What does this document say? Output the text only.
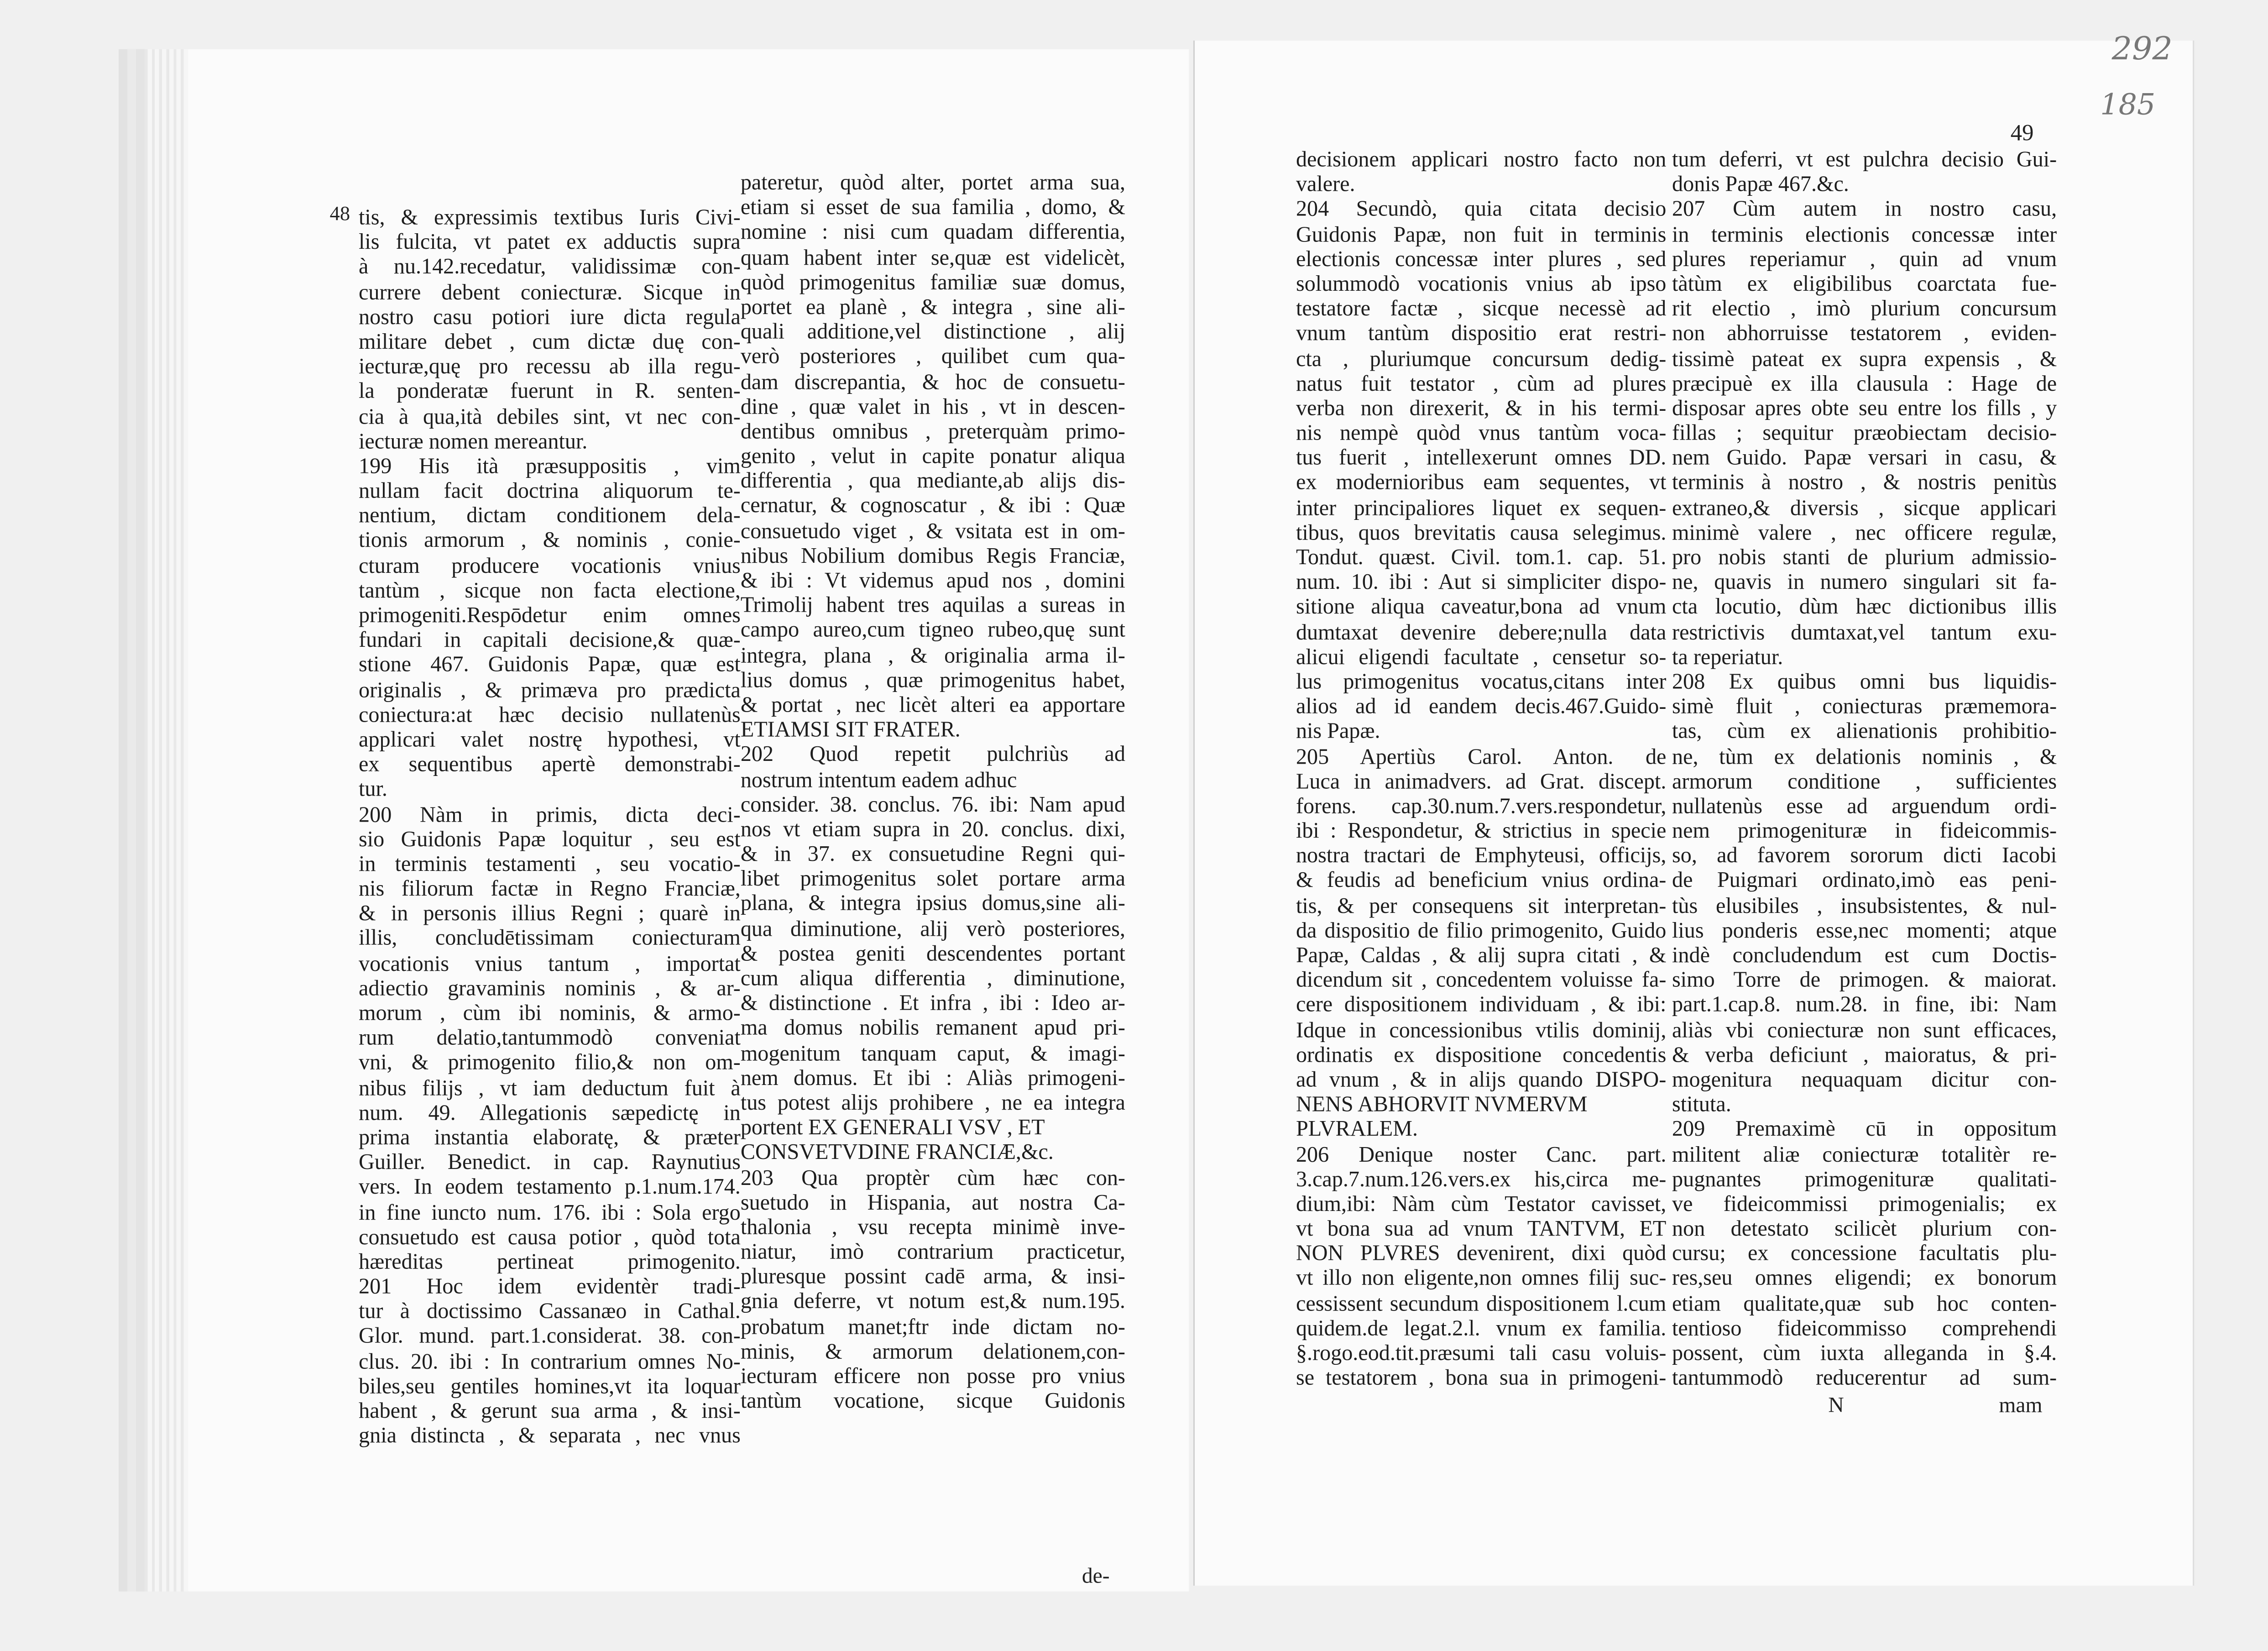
48 tis, & expressimis textibus Iuris Civi-
lis fulcita, vt patet ex adductis supra
à nu.142.recedatur, validissimæ con-
currere debent coniecturæ. Sicque in
nostro casu potiori iure dicta regula
militare debet , cum dictæ duę con-
iecturæ,quę pro recessu ab illa regu-
la ponderatæ fuerunt in R. senten-
cia à qua,ità debiles sint, vt nec con-
iecturæ nomen mereantur.
199 His ità præsuppositis , vim
nullam facit doctrina aliquorum te-
nentium, dictam conditionem dela-
tionis armorum , & nominis , conie-
cturam producere vocationis vnius
tantùm , sicque non facta electione,
primogeniti.Respōdetur enim omnes
fundari in capitali decisione,& quæ-
stione 467. Guidonis Papæ, quæ est
originalis , & primæva pro prædicta
coniectura:at hæc decisio nullatenùs
applicari valet nostrę hypothesi, vt
ex sequentibus apertè demonstrabi-
tur.
200 Nàm in primis, dicta deci-
sio Guidonis Papæ loquitur , seu est
in terminis testamenti , seu vocatio-
nis filiorum factæ in Regno Franciæ,
& in personis illius Regni ; quarè in
illis, concludētissimam coniecturam
vocationis vnius tantum , importat
adiectio gravaminis nominis , & ar-
morum , cùm ibi nominis, & armo-
rum delatio,tantummodò conveniat
vni, & primogenito filio,& non om-
nibus filijs , vt iam deductum fuit à
num. 49. Allegationis sæpedictę in
prima instantia elaboratę, & præter
Guiller. Benedict. in cap. Raynutius
vers. In eodem testamento p.1.num.174.
in fine iuncto num. 176. ibi : Sola ergo
consuetudo est causa potior , quòd tota
hæreditas pertineat primogenito.
201 Hoc idem evidentèr tradi-
tur à doctissimo Cassanæo in Cathal.
Glor. mund. part.1.considerat. 38. con-
clus. 20. ibi : In contrarium omnes No-
biles,seu gentiles homines,vt ita loquar
habent , & gerunt sua arma , & insi-
gnia distincta , & separata , nec vnus
pateretur, quòd alter, portet arma sua,
etiam si esset de sua familia , domo, &
nomine : nisi cum quadam differentia,
quam habent inter se,quæ est videlicèt,
quòd primogenitus familiæ suæ domus,
portet ea planè , & integra , sine ali-
quali additione,vel distinctione , alij
verò posteriores , quilibet cum qua-
dam discrepantia, & hoc de consuetu-
dine , quæ valet in his , vt in descen-
dentibus omnibus , preterquàm primo-
genito , velut in capite ponatur aliqua
differentia , qua mediante,ab alijs dis-
cernatur, & cognoscatur , & ibi : Quæ
consuetudo viget , & vsitata est in om-
nibus Nobilium domibus Regis Franciæ,
& ibi : Vt videmus apud nos , domini
Trimolij habent tres aquilas a sureas in
campo aureo,cum tigneo rubeo,quę sunt
integra, plana , & originalia arma il-
lius domus , quæ primogenitus habet,
& portat , nec licèt alteri ea apportare
ETIAMSI SIT FRATER.
202 Quod repetit pulchriùs ad
nostrum intentum eadem adhuc
consider. 38. conclus. 76. ibi: Nam apud
nos vt etiam supra in 20. conclus. dixi,
& in 37. ex consuetudine Regni qui-
libet primogenitus solet portare arma
plana, & integra ipsius domus,sine ali-
qua diminutione, alij verò posteriores,
& postea geniti descendentes portant
cum aliqua differentia , diminutione,
& distinctione . Et infra , ibi : Ideo ar-
ma domus nobilis remanent apud pri-
mogenitum tanquam caput, & imagi-
nem domus. Et ibi : Aliàs primogeni-
tus potest alijs prohibere , ne ea integra
portent EX GENERALI VSV , ET
CONSVETVDINE FRANCIÆ,&c.
203 Qua proptèr cùm hæc con-
suetudo in Hispania, aut nostra Ca-
thalonia , vsu recepta minimè inve-
niatur, imò contrarium practicetur,
pluresque possint cadē arma, & insi-
gnia deferre, vt notum est,& num.195.
probatum manet;ftr inde dictam no-
minis, & armorum delationem,con-
iecturam efficere non posse pro vnius
tantùm vocatione, sicque Guidonis
de-
49
decisionem applicari nostro facto non
valere.
204 Secundò, quia citata decisio
Guidonis Papæ, non fuit in terminis
electionis concessæ inter plures , sed
solummodò vocationis vnius ab ipso
testatore factæ , sicque necessè ad
vnum tantùm dispositio erat restri-
cta , pluriumque concursum dedig-
natus fuit testator , cùm ad plures
verba non direxerit, & in his termi-
nis nempè quòd vnus tantùm voca-
tus fuerit , intellexerunt omnes DD.
ex modernioribus eam sequentes, vt
inter principaliores liquet ex sequen-
tibus, quos brevitatis causa selegimus.
Tondut. quæst. Civil. tom.1. cap. 51.
num. 10. ibi : Aut si simpliciter dispo-
sitione aliqua caveatur,bona ad vnum
dumtaxat devenire debere;nulla data
alicui eligendi facultate , censetur so-
lus primogenitus vocatus,citans inter
alios ad id eandem decis.467.Guido-
nis Papæ.
205 Apertiùs Carol. Anton. de
Luca in animadvers. ad Grat. discept.
forens. cap.30.num.7.vers.respondetur,
ibi : Respondetur, & strictius in specie
nostra tractari de Emphyteusi, officijs,
& feudis ad beneficium vnius ordina-
tis, & per consequens sit interpretan-
da dispositio de filio primogenito, Guido
Papæ, Caldas , & alij supra citati , &
dicendum sit , concedentem voluisse fa-
cere dispositionem individuam , & ibi:
Idque in concessionibus vtilis dominij,
ordinatis ex dispositione concedentis
ad vnum , & in alijs quando DISPO-
NENS ABHORVIT NVMERVM
PLVRALEM.
206 Denique noster Canc. part.
3.cap.7.num.126.vers.ex his,circa me-
dium,ibi: Nàm cùm Testator cavisset,
vt bona sua ad vnum TANTVM, ET
NON PLVRES devenirent, dixi quòd
vt illo non eligente,non omnes filij suc-
cessissent secundum dispositionem l.cum
quidem.de legat.2.l. vnum ex familia.
§.rogo.eod.tit.præsumi tali casu voluis-
se testatorem , bona sua in primogeni-
tum deferri, vt est pulchra decisio Gui-
donis Papæ 467.&c.
207 Cùm autem in nostro casu,
in terminis electionis concessæ inter
plures reperiamur , quin ad vnum
tàtùm ex eligibilibus coarctata fue-
rit electio , imò plurium concursum
non abhorruisse testatorem , eviden-
tissimè pateat ex supra expensis , &
præcipuè ex illa clausula : Hage de
disposar apres obte seu entre los fills , y
fillas ; sequitur præobiectam decisio-
nem Guido. Papæ versari in casu, &
terminis à nostro , & nostris penitùs
extraneo,& diversis , sicque applicari
minimè valere , nec officere regulæ,
pro nobis stanti de plurium admissio-
ne, quavis in numero singulari sit fa-
cta locutio, dùm hæc dictionibus illis
restrictivis dumtaxat,vel tantum exu-
ta reperiatur.
208 Ex quibus omni bus liquidis-
simè fluit , coniecturas præmemora-
tas, cùm ex alienationis prohibitio-
ne, tùm ex delationis nominis , &
armorum conditione , sufficientes
nullatenùs esse ad arguendum ordi-
nem primogenituræ in fideicommis-
so, ad favorem sororum dicti Iacobi
de Puigmari ordinato,imò eas peni-
tùs elusibiles , insubsistentes, & nul-
lius ponderis esse,nec momenti; atque
indè concludendum est cum Doctis-
simo Torre de primogen. & maiorat.
part.1.cap.8. num.28. in fine, ibi: Nam
aliàs vbi coniecturæ non sunt efficaces,
& verba deficiunt , maioratus, & pri-
mogenitura nequaquam dicitur con-
stituta.
209 Premaximè cū in oppositum
militent aliæ coniecturæ totalitèr re-
pugnantes primogenituræ qualitati-
ve fideicommissi primogenialis; ex
non detestato scilicèt plurium con-
cursu; ex concessione facultatis plu-
res,seu omnes eligendi; ex bonorum
etiam qualitate,quæ sub hoc conten-
tentioso fideicommisso comprehendi
possent, cùm iuxta alleganda in §.4.
tantummodò reducerentur ad sum-
N	mam
292
185
